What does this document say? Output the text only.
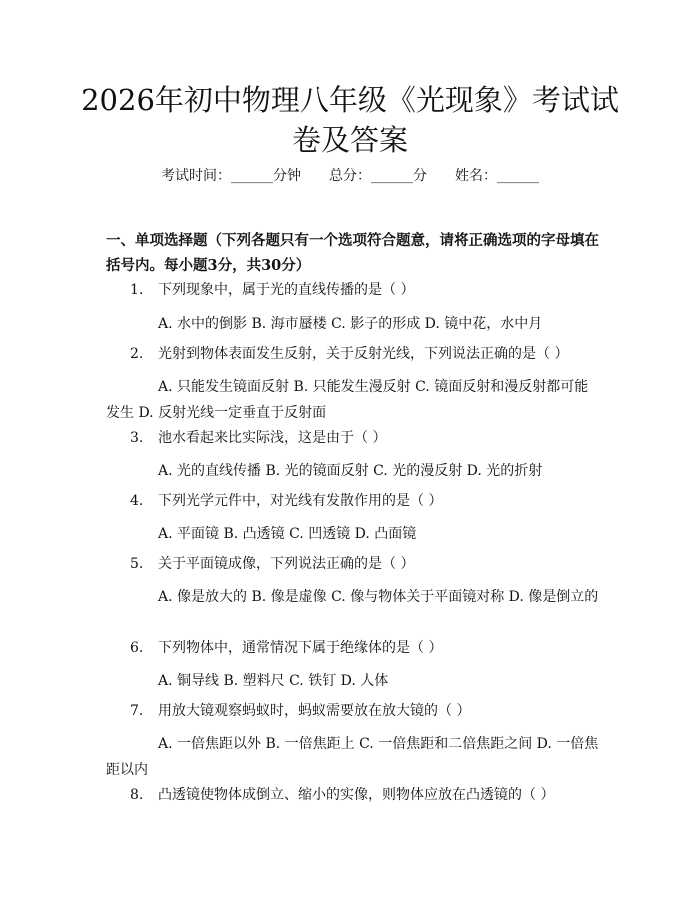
2026年初中物理八年级《光现象》考试试卷及答案
考试时间：______分钟 总分：______分 姓名：______

一、单项选择题（下列各题只有一个选项符合题意，请将正确选项的字母填在括号内。每小题3分，共30分）

1. 下列现象中，属于光的直线传播的是（ ）
A. 水中的倒影 B. 海市蜃楼 C. 影子的形成 D. 镜中花，水中月
2. 光射到物体表面发生反射，关于反射光线，下列说法正确的是（ ）
A. 只能发生镜面反射 B. 只能发生漫反射 C. 镜面反射和漫反射都可能发生 D. 反射光线一定垂直于反射面
3. 池水看起来比实际浅，这是由于（ ）
A. 光的直线传播 B. 光的镜面反射 C. 光的漫反射 D. 光的折射
4. 下列光学元件中，对光线有发散作用的是（ ）
A. 平面镜 B. 凸透镜 C. 凹透镜 D. 凸面镜
5. 关于平面镜成像，下列说法正确的是（ ）
A. 像是放大的 B. 像是虚像 C. 像与物体关于平面镜对称 D. 像是倒立的
6. 下列物体中，通常情况下属于绝缘体的是（ ）
A. 铜导线 B. 塑料尺 C. 铁钉 D. 人体
7. 用放大镜观察蚂蚁时，蚂蚁需要放在放大镜的（ ）
A. 一倍焦距以外 B. 一倍焦距上 C. 一倍焦距和二倍焦距之间 D. 一倍焦距以内
8. 凸透镜使物体成倒立、缩小的实像，则物体应放在凸透镜的（ ）
